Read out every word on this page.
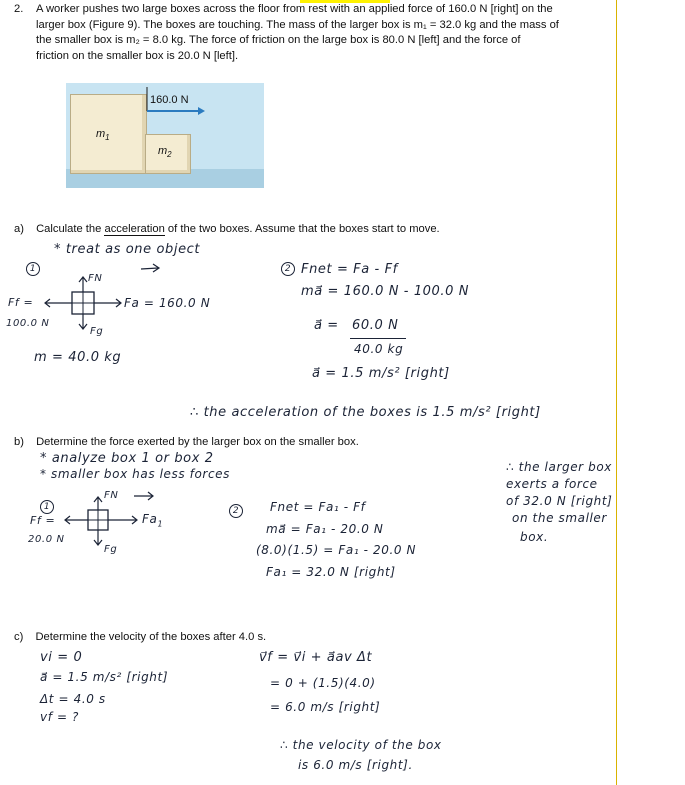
2. A worker pushes two large boxes across the floor from rest with an applied force of 160.0 N [right] on the
larger box (Figure 9). The boxes are touching. The mass of the larger box is m₁ = 32.0 kg and the mass of
the smaller box is m₂ = 8.0 kg. The force of friction on the large box is 80.0 N [left] and the force of
friction on the smaller box is 20.0 N [left].
$m_1$
$m_2$
160.0 N
a) Calculate the acceleration of the two boxes. Assume that the boxes start to move.
* treat as one object
1
FN
Ff =
100.0 N
Fa = 160.0 N
Fg
m = 40.0 kg
2 Fnet = Fa - Ff
ma⃗ = 160.0 N - 100.0 N
a⃗ = 60.0 N
40.0 kg
a⃗ = 1.5 m/s² [right]
∴ the acceleration of the boxes is 1.5 m/s² [right]
b) Determine the force exerted by the larger box on the smaller box.
* analyze box 1 or box 2
* smaller box has less forces
1
FN
Ff =
20.0 N
$Fa_1$
Fg
2	Fnet = Fa₁ - Ff
ma⃗ = Fa₁ - 20.0 N
(8.0)(1.5) = Fa₁ - 20.0 N
Fa₁ = 32.0 N [right]
∴ the larger box
exerts a force
of 32.0 N [right]
on the smaller
box.
c) Determine the velocity of the boxes after 4.0 s.
vi = 0
a⃗ = 1.5 m/s² [right]
Δt = 4.0 s
vf = ?
v⃗f = v⃗i + a⃗av Δt
= 0 + (1.5)(4.0)
= 6.0 m/s [right]
∴ the velocity of the box
is 6.0 m/s [right].
